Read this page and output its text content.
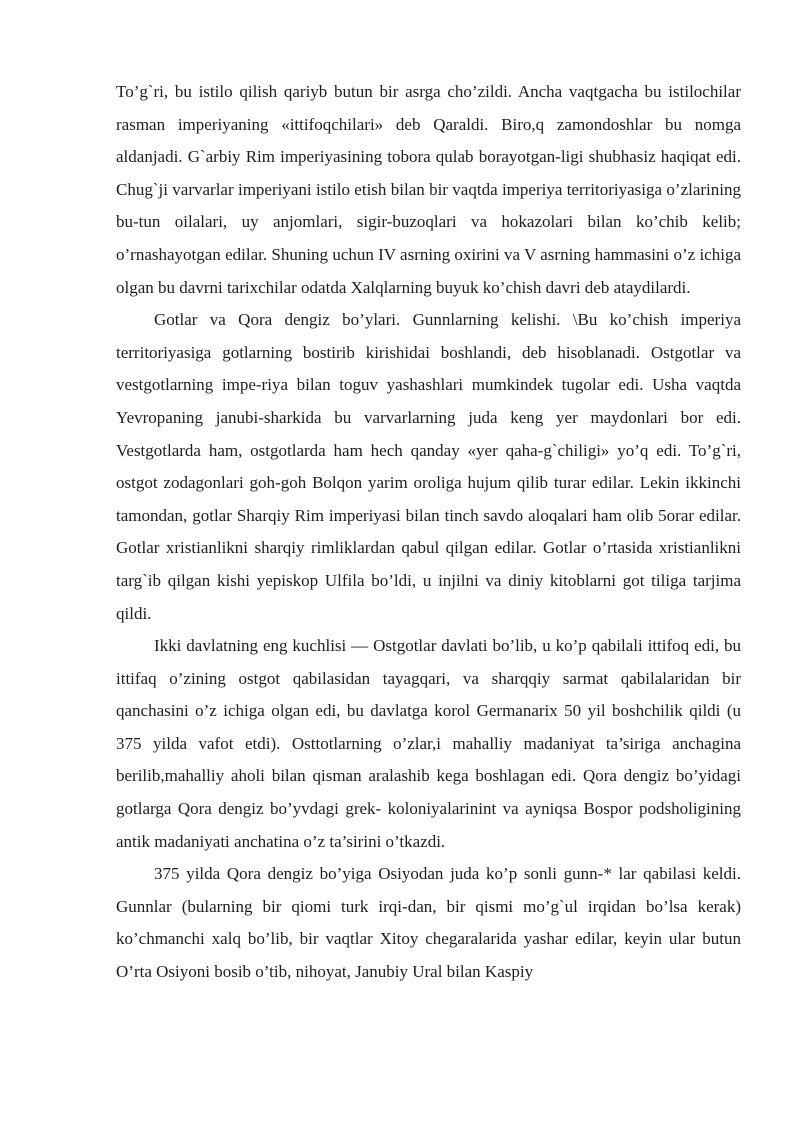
To’g`ri, bu istilo qilish qariyb butun bir asrga cho’zildi. Ancha vaqtgacha bu istilochilar rasman imperiyaning «ittifoqchilari» deb Qaraldi. Biro,q zamondoshlar bu nomga aldanjadi. G`arbiy Rim imperiyasining tobora qulab borayotgan-ligi shubhasiz haqiqat edi. Chug`ji varvarlar imperiyani istilo etish bilan bir vaqtda imperiya territoriyasiga o’zlarining bu-tun oilalari, uy anjomlari, sigir-buzoqlari va hokazolari bilan ko’chib kelib; o’rnashayotgan edilar. Shuning uchun IV asrning oxirini va V asrning hammasini o’z ichiga olgan bu davrni tarixchilar odatda Xalqlarning buyuk ko’chish davri deb ataydilardi.

Gotlar va Qora dengiz bo’ylari. Gunnlarning kelishi. \Bu ko’chish imperiya territoriyasiga gotlarning bostirib kirishidai boshlandi, deb hisoblanadi. Ostgotlar va vestgotlarning impe-riya bilan toguv yashashlari mumkindek tugolar edi. Usha vaqtda Yevropaning janubi-sharkida bu varvarlarning juda keng yer maydonlari bor edi. Vestgotlarda ham, ostgotlarda ham hech qanday «yer qaha-g`chiligi» yo’q edi. To’g`ri, ostgot zodagonlari goh-goh Bolqon yarim oroliga hujum qilib turar edilar. Lekin ikkinchi tamondan, gotlar Sharqiy Rim imperiyasi bilan tinch savdo aloqalari ham olib 5orar edilar. Gotlar xristianlikni sharqiy rimliklardan qabul qilgan edilar. Gotlar o’rtasida xristianlikni targ`ib qilgan kishi yepiskop Ulfila bo’ldi, u injilni va diniy kitoblarni got tiliga tarjima qildi.

Ikki davlatning eng kuchlisi — Ostgotlar davlati bo’lib, u ko’p qabilali ittifoq edi, bu ittifaq o’zining ostgot qabilasidan tayagqari, va sharqqiy sarmat qabilalaridan bir qanchasini o’z ichiga olgan edi, bu davlatga korol Germanarix 50 yil boshchilik qildi (u 375 yilda vafot etdi). Osttotlarning o’zlar,i mahalliy madaniyat ta’siriga anchagina berilib,mahalliy aholi bilan qisman aralashib kega boshlagan edi. Qora dengiz bo’yidagi gotlarga Qora dengiz bo’yvdagi grek- koloniyalarinint va ayniqsa Bospor podsholigining antik madaniyati anchatina o’z ta’sirini o’tkazdi.

375 yilda Qora dengiz bo’yiga Osiyodan juda ko’p sonli gunn-* lar qabilasi keldi. Gunnlar (bularning bir qiomi turk irqi-dan, bir qismi mo’g`ul irqidan bo’lsa kerak) ko’chmanchi xalq bo’lib, bir vaqtlar Xitoy chegaralarida yashar edilar, keyin ular butun O’rta Osiyoni bosib o’tib, nihoyat, Janubiy Ural bilan Kaspiy
